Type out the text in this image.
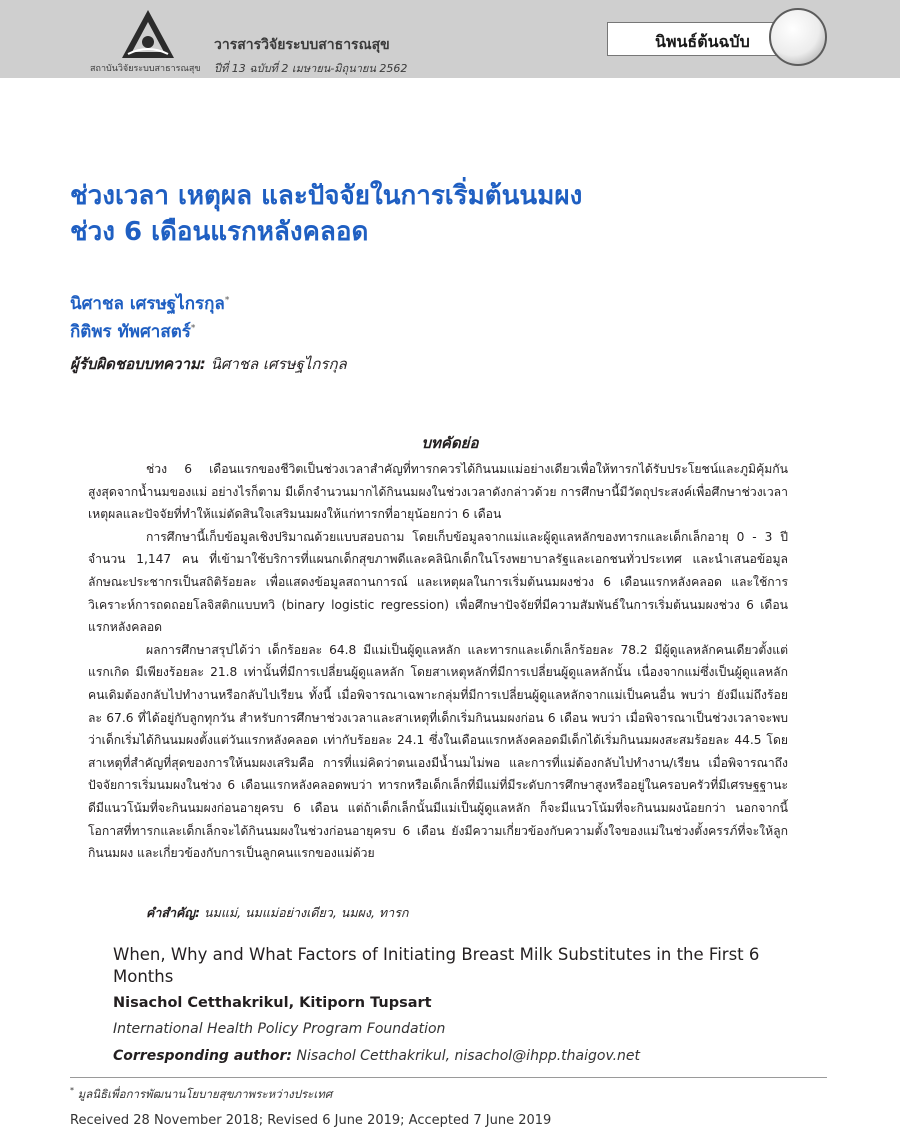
วารสารวิจัยระบบสาธารณสุข
สถาบันวิจัยระบบสาธารณสุข ปีที่ 13 ฉบับที่ 2 เมษายน-มิถุนายน 2562
นิพนธ์ต้นฉบับ
ช่วงเวลา เหตุผล และปัจจัยในการเริ่มต้นนมผง
ช่วง 6 เดือนแรกหลังคลอด
นิศาชล เศรษฐไกรกุล*
กิติพร ทัพศาสตร์*
ผู้รับผิดชอบบทความ: นิศาชล เศรษฐไกรกุล
บทคัดย่อ

ช่วง 6 เดือนแรกของชีวิตเป็นช่วงเวลาสำคัญที่ทารกควรได้กินนมแม่อย่างเดียวเพื่อให้ทารกได้รับประโยชน์และภูมิคุ้มกันสูงสุดจากน้ำนมของแม่ อย่างไรก็ตาม มีเด็กจำนวนมากได้กินนมผงในช่วงเวลาดังกล่าวด้วย การศึกษานี้มีวัตถุประสงค์เพื่อศึกษาช่วงเวลา เหตุผลและปัจจัยที่ทำให้แม่ตัดสินใจเสริมนมผงให้แก่ทารกที่อายุน้อยกว่า 6 เดือน

การศึกษานี้เก็บข้อมูลเชิงปริมาณด้วยแบบสอบถาม โดยเก็บข้อมูลจากแม่และผู้ดูแลหลักของทารกและเด็กเล็กอายุ 0 - 3 ปี จำนวน 1,147 คน ที่เข้ามาใช้บริการที่แผนกเด็กสุขภาพดีและคลินิกเด็กในโรงพยาบาลรัฐและเอกชนทั่วประเทศ และนำเสนอข้อมูลลักษณะประชากรเป็นสถิติร้อยละ เพื่อแสดงข้อมูลสถานการณ์ และเหตุผลในการเริ่มต้นนมผงช่วง 6 เดือนแรกหลังคลอด และใช้การวิเคราะห์การถดถอยโลจิสติกแบบทวิ (binary logistic regression) เพื่อศึกษาปัจจัยที่มีความสัมพันธ์ในการเริ่มต้นนมผงช่วง 6 เดือนแรกหลังคลอด

ผลการศึกษาสรุปได้ว่า เด็กร้อยละ 64.8 มีแม่เป็นผู้ดูแลหลัก และทารกและเด็กเล็กร้อยละ 78.2 มีผู้ดูแลหลักคนเดียวตั้งแต่แรกเกิด มีเพียงร้อยละ 21.8 เท่านั้นที่มีการเปลี่ยนผู้ดูแลหลัก โดยสาเหตุหลักที่มีการเปลี่ยนผู้ดูแลหลักนั้น เนื่องจากแม่ซึ่งเป็นผู้ดูแลหลักคนเดิมต้องกลับไปทำงานหรือกลับไปเรียน ทั้งนี้ เมื่อพิจารณาเฉพาะกลุ่มที่มีการเปลี่ยนผู้ดูแลหลักจากแม่เป็นคนอื่น พบว่า ยังมีแม่ถึงร้อยละ 67.6 ที่ได้อยู่กับลูกทุกวัน สำหรับการศึกษาช่วงเวลาและสาเหตุที่เด็กเริ่มกินนมผงก่อน 6 เดือน พบว่า เมื่อพิจารณาเป็นช่วงเวลาจะพบว่าเด็กเริ่มได้กินนมผงตั้งแต่วันแรกหลังคลอด เท่ากับร้อยละ 24.1 ซึ่งในเดือนแรกหลังคลอดมีเด็กได้เริ่มกินนมผงสะสมร้อยละ 44.5 โดยสาเหตุที่สำคัญที่สุดของการให้นมผงเสริมคือ การที่แม่คิดว่าตนเองมีน้ำนมไม่พอ และการที่แม่ต้องกลับไปทำงาน/เรียน เมื่อพิจารณาถึงปัจจัยการเริ่มนมผงในช่วง 6 เดือนแรกหลังคลอดพบว่า ทารกหรือเด็กเล็กที่มีแม่ที่มีระดับการศึกษาสูงหรืออยู่ในครอบครัวที่มีเศรษฐฐานะดีมีแนวโน้มที่จะกินนมผงก่อนอายุครบ 6 เดือน แต่ถ้าเด็กเล็กนั้นมีแม่เป็นผู้ดูแลหลัก ก็จะมีแนวโน้มที่จะกินนมผงน้อยกว่า นอกจากนี้ โอกาสที่ทารกและเด็กเล็กจะได้กินนมผงในช่วงก่อนอายุครบ 6 เดือน ยังมีความเกี่ยวข้องกับความตั้งใจของแม่ในช่วงตั้งครรภ์ที่จะให้ลูกกินนมผง และเกี่ยวข้องกับการเป็นลูกคนแรกของแม่ด้วย

คำสำคัญ: นมแม่, นมแม่อย่างเดียว, นมผง, ทารก
When, Why and What Factors of Initiating Breast Milk Substitutes in the First 6 Months
Nisachol Cetthakrikul, Kitiporn Tupsart
International Health Policy Program Foundation
Corresponding author: Nisachol Cetthakrikul, nisachol@ihpp.thaigov.net
* มูลนิธิเพื่อการพัฒนานโยบายสุขภาพระหว่างประเทศ
Received 28 November 2018; Revised 6 June 2019; Accepted 7 June 2019
